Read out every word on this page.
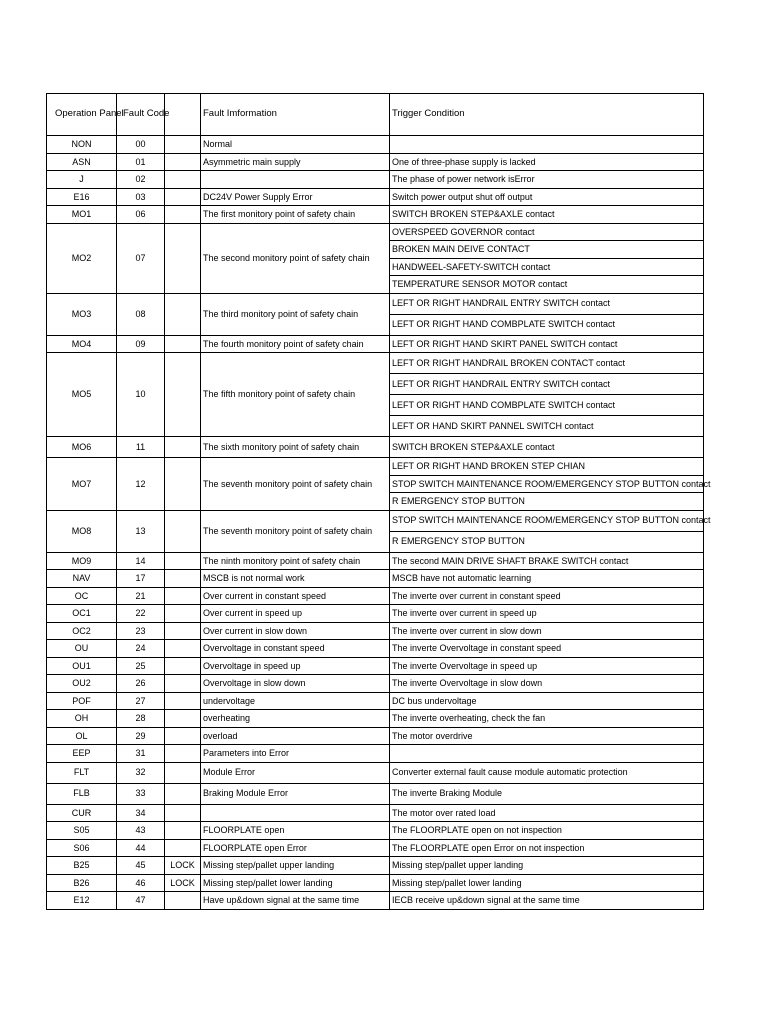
Operation Panel	Fault Code		Fault Imformation	Trigger Condition
NON	00		Normal	
ASN	01		Asymmetric main supply	One of three-phase supply is lacked
J	02			The phase of power network isError
E16	03		DC24V Power Supply Error	Switch power output shut off output
MO1	06		The first monitory point of safety chain	SWITCH BROKEN STEP&AXLE contact
MO2	07		The second monitory point of safety chain	OVERSPEED GOVERNOR contact
				BROKEN MAIN DEIVE CONTACT
				HANDWEEL-SAFETY-SWITCH contact
				TEMPERATURE SENSOR MOTOR contact
MO3	08		The third monitory point of safety chain	LEFT OR RIGHT HANDRAIL ENTRY SWITCH contact
				LEFT OR RIGHT HAND COMBPLATE SWITCH contact
MO4	09		The fourth monitory point of safety chain	LEFT OR RIGHT HAND SKIRT PANEL SWITCH contact
MO5	10		The fifth monitory point of safety chain	LEFT OR RIGHT HANDRAIL BROKEN CONTACT contact
				LEFT OR RIGHT HANDRAIL ENTRY SWITCH contact
				LEFT OR RIGHT HAND COMBPLATE SWITCH contact
				LEFT OR HAND SKIRT PANNEL SWITCH contact
MO6	11		The sixth monitory point of safety chain	SWITCH BROKEN STEP&AXLE contact
MO7	12		The seventh monitory point of safety chain	LEFT OR RIGHT HAND BROKEN STEP CHIAN
				STOP SWITCH MAINTENANCE ROOM/EMERGENCY STOP BUTTON contact
				R EMERGENCY STOP BUTTON
MO8	13		The seventh monitory point of safety chain	STOP SWITCH MAINTENANCE ROOM/EMERGENCY STOP BUTTON contact
				R EMERGENCY STOP BUTTON
MO9	14		The ninth monitory point of safety chain	The second MAIN DRIVE SHAFT BRAKE SWITCH contact
NAV	17		MSCB is not normal work	MSCB have not automatic learning
OC	21		Over current in constant speed	The inverte over current in constant speed
OC1	22		Over current in speed up	The inverte over current in speed up
OC2	23		Over current in slow down	The inverte over current in slow down
OU	24		Overvoltage in constant speed	The inverte Overvoltage in constant speed
OU1	25		Overvoltage in speed up	The inverte Overvoltage in speed up
OU2	26		Overvoltage in slow down	The inverte Overvoltage in slow down
POF	27		undervoltage	DC bus undervoltage
OH	28		overheating	The inverte overheating, check the fan
OL	29		overload	The motor overdrive
EEP	31		Parameters into Error	
FLT	32		Module Error	Converter external fault cause module automatic protection
FLB	33		Braking Module Error	The inverte Braking Module
CUR	34			The motor over rated load
S05	43		FLOORPLATE open	The FLOORPLATE open on not inspection
S06	44		FLOORPLATE open Error	The FLOORPLATE open Error on not inspection
B25	45	LOCK	Missing step/pallet upper landing	Missing step/pallet upper landing
B26	46	LOCK	Missing step/pallet lower landing	Missing step/pallet lower landing
E12	47		Have up&down signal at the same time	IECB receive up&down signal at the same time
